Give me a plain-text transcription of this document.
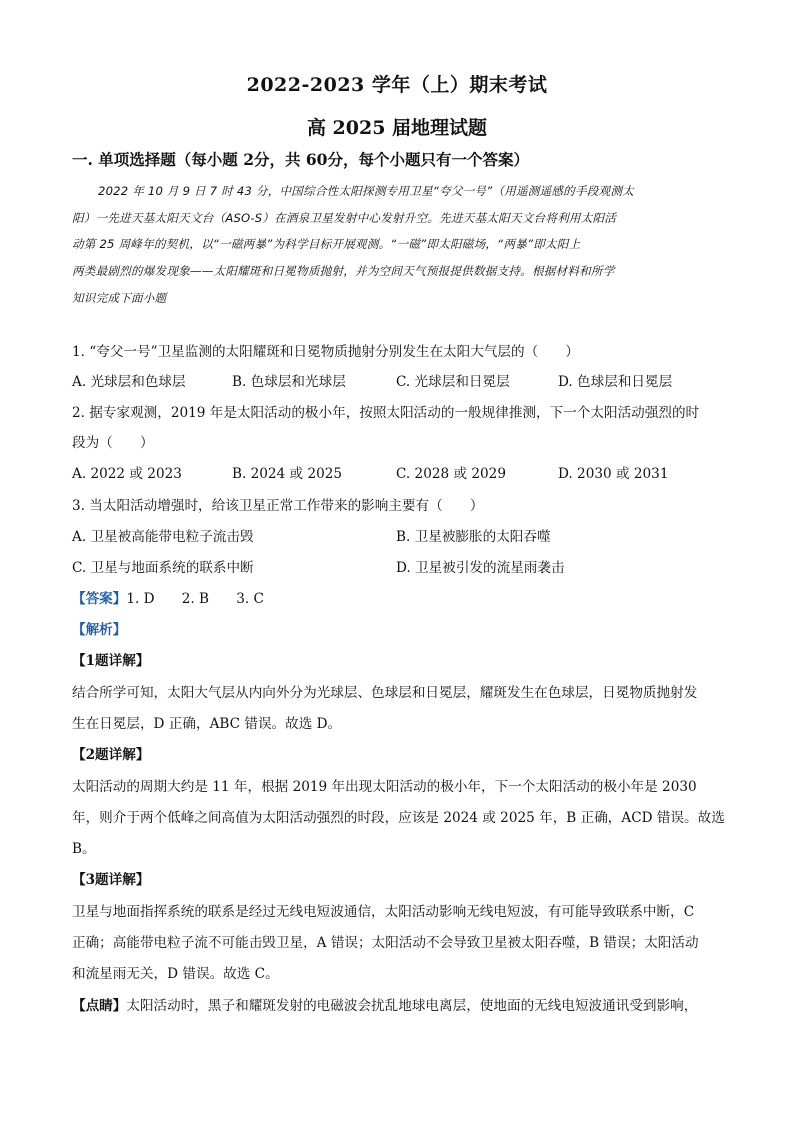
2022-2023 学年（上）期末考试
高 2025 届地理试题
一. 单项选择题（每小题 2分，共 60分，每个小题只有一个答案）
2022 年 10 月 9 日 7 时 43 分，中国综合性太阳探测专用卫星“夸父一号”（用遥测遥感的手段观测太
阳）一先进天基太阳天文台（ASO-S）在酒泉卫星发射中心发射升空。先进天基太阳天文台将利用太阳活
动第 25 周峰年的契机，以“一磁两暴”为科学目标开展观测。“一磁”即太阳磁场，“两暴”即太阳上
两类最剧烈的爆发现象——太阳耀斑和日冕物质抛射，并为空间天气预报提供数据支持。根据材料和所学
知识完成下面小题
1. “夸父一号”卫星监测的太阳耀斑和日冕物质抛射分别发生在太阳大气层的（　　）
A. 光球层和色球层	B. 色球层和光球层	C. 光球层和日冕层	D. 色球层和日冕层
2. 据专家观测，2019 年是太阳活动的极小年，按照太阳活动的一般规律推测，下一个太阳活动强烈的时
段为（　　）
A. 2022 或 2023	B. 2024 或 2025	C. 2028 或 2029	D. 2030 或 2031
3. 当太阳活动增强时，给该卫星正常工作带来的影响主要有（　　）
A. 卫星被高能带电粒子流击毁	B. 卫星被膨胀的太阳吞噬
C. 卫星与地面系统的联系中断	D. 卫星被引发的流星雨袭击
【答案】1. D　　2. B　　3. C
【解析】
【1题详解】
结合所学可知，太阳大气层从内向外分为光球层、色球层和日冕层，耀斑发生在色球层，日冕物质抛射发
生在日冕层，D 正确，ABC 错误。故选 D。
【2题详解】
太阳活动的周期大约是 11 年，根据 2019 年出现太阳活动的极小年，下一个太阳活动的极小年是 2030
年，则介于两个低峰之间高值为太阳活动强烈的时段，应该是 2024 或 2025 年，B 正确，ACD 错误。故选
B。
【3题详解】
卫星与地面指挥系统的联系是经过无线电短波通信，太阳活动影响无线电短波，有可能导致联系中断，C
正确；高能带电粒子流不可能击毁卫星，A 错误；太阳活动不会导致卫星被太阳吞噬，B 错误；太阳活动
和流星雨无关，D 错误。故选 C。
【点睛】太阳活动时，黑子和耀斑发射的电磁波会扰乱地球电离层，使地面的无线电短波通讯受到影响，
